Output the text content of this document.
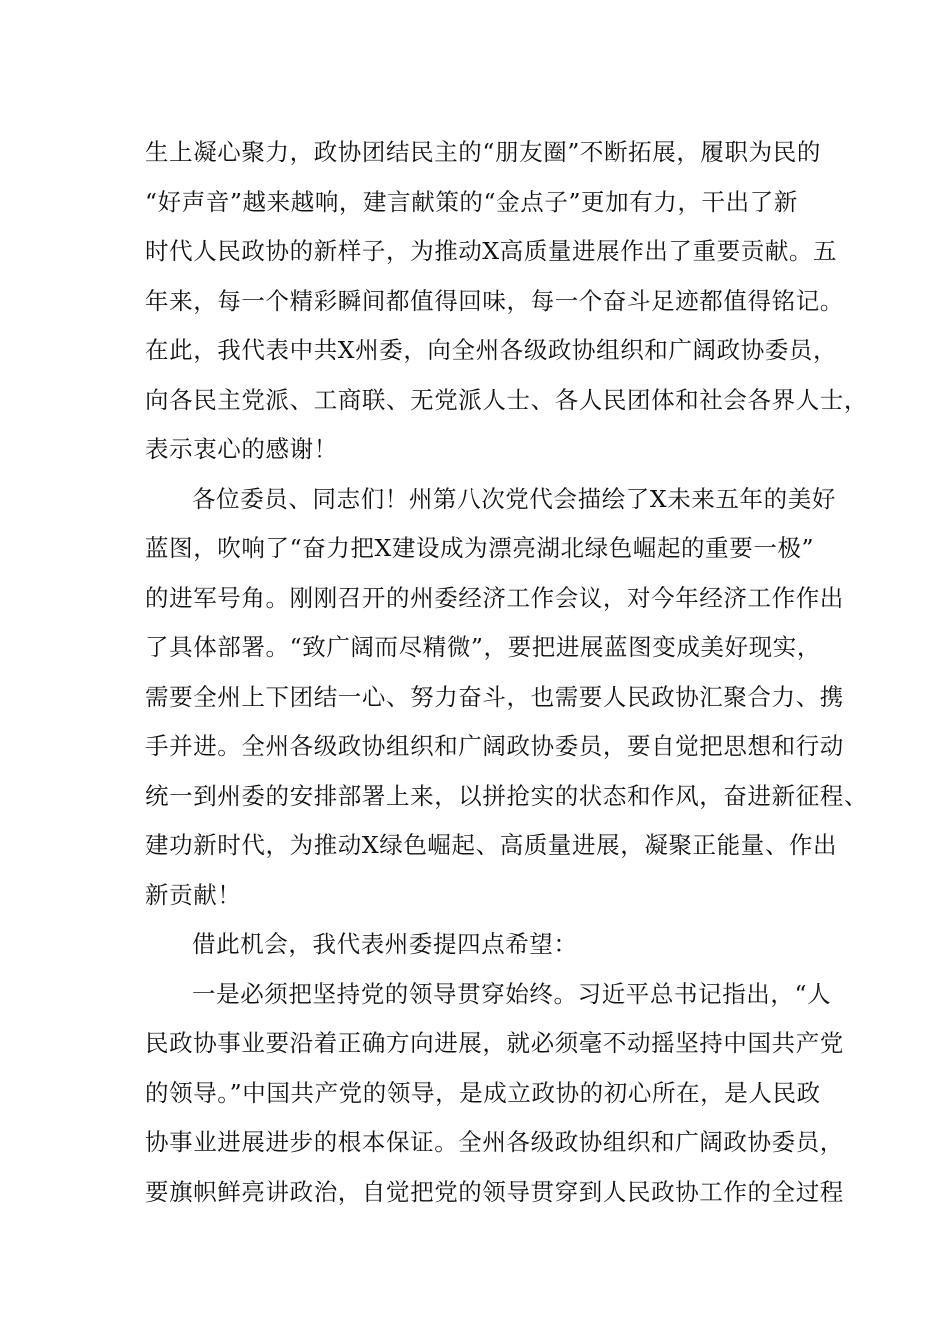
生上凝心聚力，政协团结民主的“朋友圈”不断拓展，履职为民的
“好声音”越来越响，建言献策的“金点子”更加有力，干出了新
时代人民政协的新样子，为推动X高质量进展作出了重要贡献。五
年来，每一个精彩瞬间都值得回味，每一个奋斗足迹都值得铭记。
在此，我代表中共X州委，向全州各级政协组织和广阔政协委员，
向各民主党派、工商联、无党派人士、各人民团体和社会各界人士，
表示衷心的感谢！
各位委员、同志们！州第八次党代会描绘了X未来五年的美好
蓝图，吹响了“奋力把X建设成为漂亮湖北绿色崛起的重要一极”
的进军号角。刚刚召开的州委经济工作会议，对今年经济工作作出
了具体部署。“致广阔而尽精微”，要把进展蓝图变成美好现实，
需要全州上下团结一心、努力奋斗，也需要人民政协汇聚合力、携
手并进。全州各级政协组织和广阔政协委员，要自觉把思想和行动
统一到州委的安排部署上来，以拼抢实的状态和作风，奋进新征程、
建功新时代，为推动X绿色崛起、高质量进展，凝聚正能量、作出
新贡献！
借此机会，我代表州委提四点希望：
一是必须把坚持党的领导贯穿始终。习近平总书记指出，“人
民政协事业要沿着正确方向进展，就必须毫不动摇坚持中国共产党
的领导。”中国共产党的领导，是成立政协的初心所在，是人民政
协事业进展进步的根本保证。全州各级政协组织和广阔政协委员，
要旗帜鲜亮讲政治，自觉把党的领导贯穿到人民政协工作的全过程
